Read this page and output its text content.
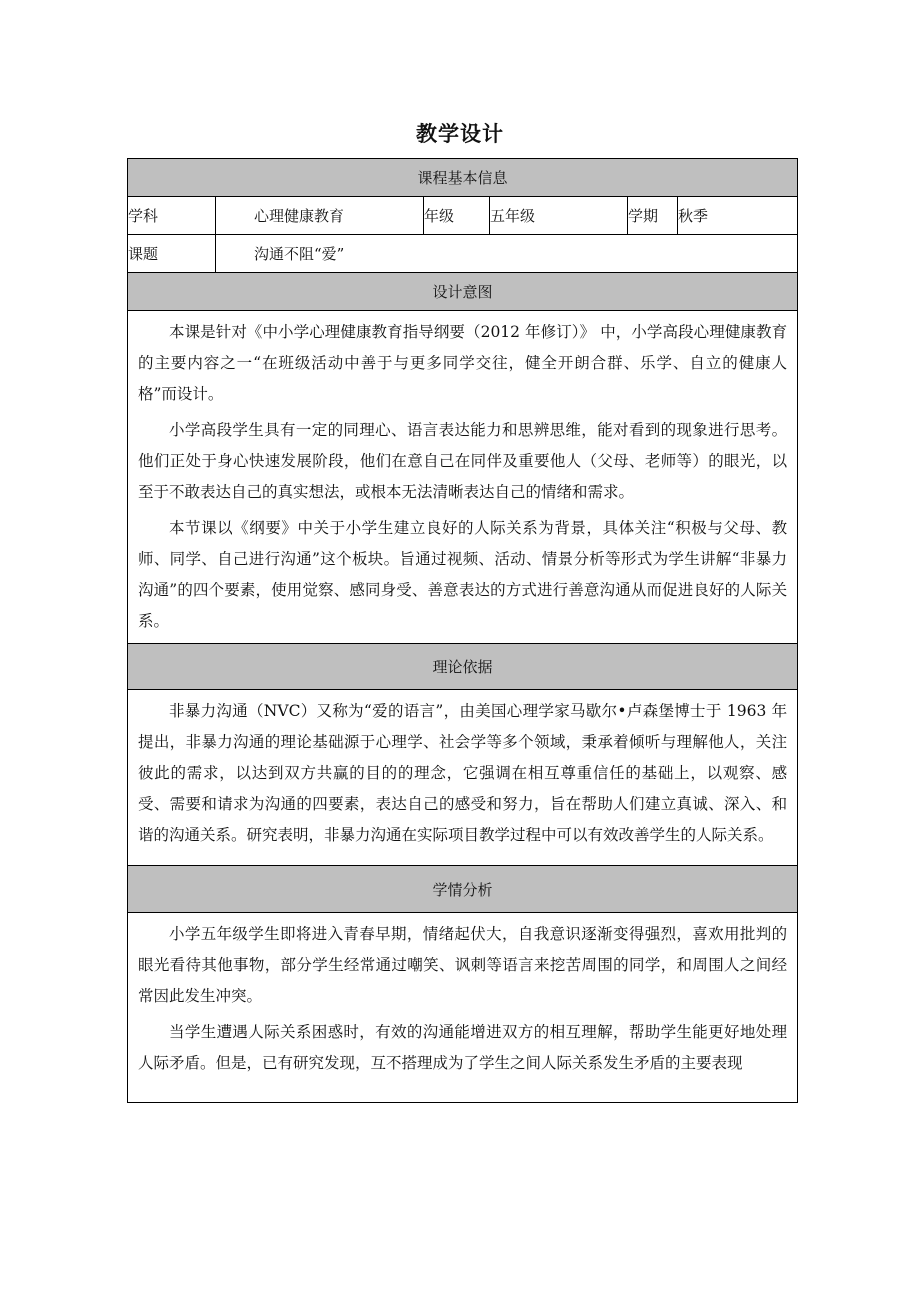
教学设计
课程基本信息					
学科	心理健康教育	年级	五年级	学期	秋季
课题	沟通不阻“爱”				
设计意图					

本课是针对《中小学心理健康教育指导纲要（2012 年修订）》 中，小学高段心理健康教育的主要内容之一“在班级活动中善于与更多同学交往，健全开朗合群、乐学、自立的健康人格”而设计。

小学高段学生具有一定的同理心、语言表达能力和思辨思维，能对看到的现象进行思考。他们正处于身心快速发展阶段，他们在意自己在同伴及重要他人（父母、老师等）的眼光，以至于不敢表达自己的真实想法，或根本无法清晰表达自己的情绪和需求。

本节课以《纲要》中关于小学生建立良好的人际关系为背景，具体关注“积极与父母、教师、同学、自己进行沟通”这个板块。旨通过视频、活动、情景分析等形式为学生讲解“非暴力沟通”的四个要素，使用觉察、感同身受、善意表达的方式进行善意沟通从而促进良好的人际关系。					

理论依据					

非暴力沟通（NVC）又称为“爱的语言”，由美国心理学家马歇尔•卢森堡博士于 1963 年提出，非暴力沟通的理论基础源于心理学、社会学等多个领域，秉承着倾听与理解他人，关注彼此的需求，以达到双方共赢的目的的理念，它强调在相互尊重信任的基础上，以观察、感受、需要和请求为沟通的四要素，表达自己的感受和努力，旨在帮助人们建立真诚、深入、和谐的沟通关系。研究表明，非暴力沟通在实际项目教学过程中可以有效改善学生的人际关系。					

学情分析					

小学五年级学生即将进入青春早期，情绪起伏大，自我意识逐渐变得强烈，喜欢用批判的眼光看待其他事物，部分学生经常通过嘲笑、讽刺等语言来挖苦周围的同学，和周围人之间经常因此发生冲突。

当学生遭遇人际关系困惑时，有效的沟通能增进双方的相互理解，帮助学生能更好地处理人际矛盾。但是，已有研究发现，互不搭理成为了学生之间人际关系发生矛盾的主要表现					
